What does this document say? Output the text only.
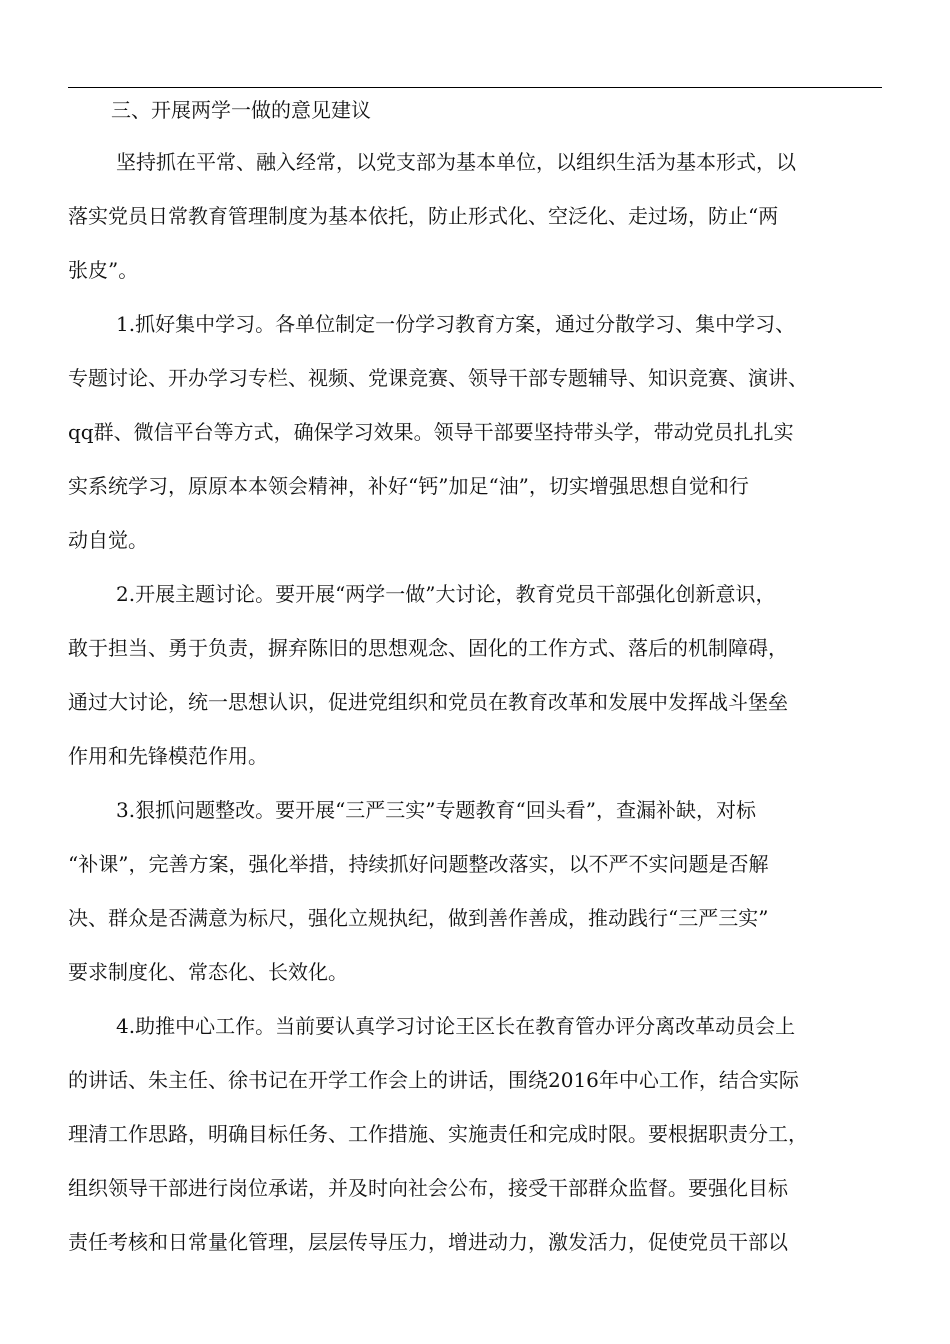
三、开展两学一做的意见建议
坚持抓在平常、融入经常，以党支部为基本单位，以组织生活为基本形式，以
落实党员日常教育管理制度为基本依托，防止形式化、空泛化、走过场，防止“两
张皮”。
1.抓好集中学习。各单位制定一份学习教育方案，通过分散学习、集中学习、
专题讨论、开办学习专栏、视频、党课竞赛、领导干部专题辅导、知识竞赛、演讲、
qq群、微信平台等方式，确保学习效果。领导干部要坚持带头学，带动党员扎扎实
实系统学习，原原本本领会精神，补好“钙”加足“油”，切实增强思想自觉和行
动自觉。
2.开展主题讨论。要开展“两学一做”大讨论，教育党员干部强化创新意识，
敢于担当、勇于负责，摒弃陈旧的思想观念、固化的工作方式、落后的机制障碍，
通过大讨论，统一思想认识，促进党组织和党员在教育改革和发展中发挥战斗堡垒
作用和先锋模范作用。
3.狠抓问题整改。要开展“三严三实”专题教育“回头看”，查漏补缺，对标
“补课”，完善方案，强化举措，持续抓好问题整改落实，以不严不实问题是否解
决、群众是否满意为标尺，强化立规执纪，做到善作善成，推动践行“三严三实”
要求制度化、常态化、长效化。
4.助推中心工作。当前要认真学习讨论王区长在教育管办评分离改革动员会上
的讲话、朱主任、徐书记在开学工作会上的讲话，围绕2016年中心工作，结合实际
理清工作思路，明确目标任务、工作措施、实施责任和完成时限。要根据职责分工，
组织领导干部进行岗位承诺，并及时向社会公布，接受干部群众监督。要强化目标
责任考核和日常量化管理，层层传导压力，增进动力，激发活力，促使党员干部以
